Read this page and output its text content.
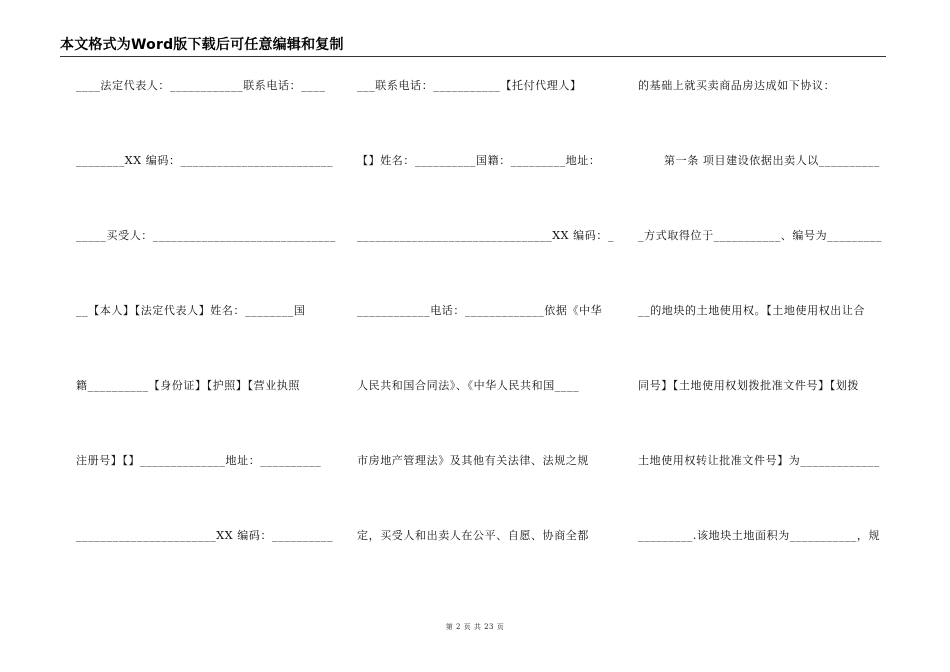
本文格式为Word版下载后可任意编辑和复制
____法定代表人：____________联系电话：____
________XX 编码：_________________________
_____买受人：______________________________
__【本人】【法定代表人】姓名：________国
籍__________【身份证】【护照】【营业执照
注册号】【】______________地址：__________
_______________________XX 编码：__________
___联系电话：___________【托付代理人】
【】姓名：__________国籍：_________地址：
________________________________XX 编码：_
____________电话：_____________依据《中华
人民共和国合同法》、《中华人民共和国____
市房地产管理法》及其他有关法律、法规之规
定，买受人和出卖人在公平、自愿、协商全都
的基础上就买卖商品房达成如下协议：
第一条 项目建设依据出卖人以__________
_方式取得位于___________、编号为_________
__的地块的土地使用权。【土地使用权出让合
同号】【土地使用权划拨批准文件号】【划拨
土地使用权转让批准文件号】为_____________
_________.该地块土地面积为___________，规
第 2 页 共 23 页
